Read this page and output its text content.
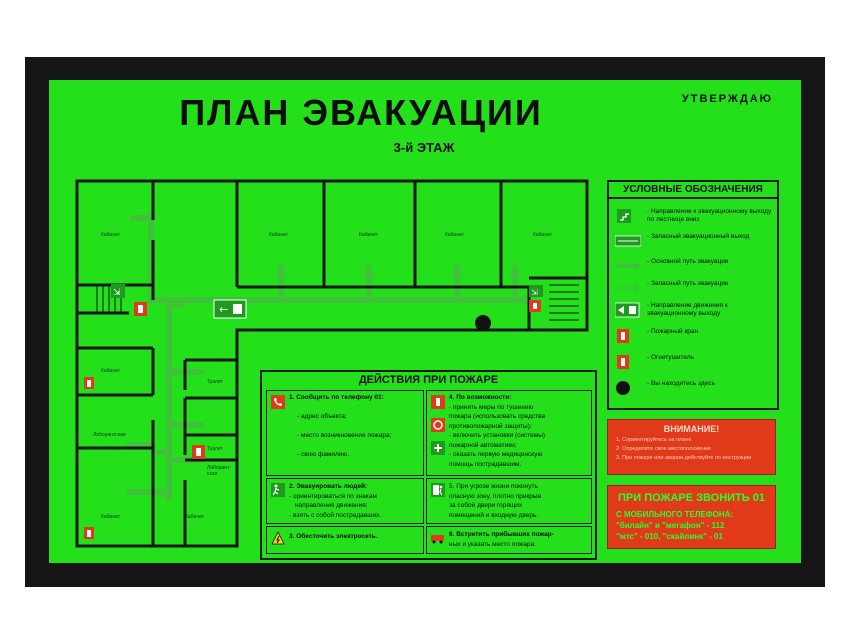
ПЛАН ЭВАКУАЦИИ
3-й ЭТАЖ
УТВЕРЖДАЮ
⇲
←
⇲
Кабинет	Кабинет	Кабинет	Кабинет	Кабинет
Кабинет
Лаборантская
Туалет
Туалет
Лаборант-ская
Кабинет	Кабинет
УСЛОВНЫЕ ОБОЗНАЧЕНИЯ
- Направление к эвакуационному выходу по лестнице вниз
- Запасный эвакуационный выход
- Основной путь эвакуации
- Запасный путь эвакуации
- Направление движения к эвакуационному выходу
- Пожарный кран
- Огнетушитель
- Вы находитесь здесь
ВНИМАНИЕ!
1. Сориентируйтесь на плане
2. Определите свое местоположение
3. При пожаре или аварии действуйте по инструкции
ПРИ ПОЖАРЕ ЗВОНИТЬ 01
С МОБИЛЬНОГО ТЕЛЕФОНА:
"билайн" и "мегафон" - 112
"мтс" - 010, "скайлинк" - 01
ДЕЙСТВИЯ ПРИ ПОЖАРЕ
1. Сообщить по телефону 01:

- адрес объекта;

- место возникновения пожара;

- свою фамилию.
4. По возможности:
- принять меры по тушению
пожара (использовать средства
противопожарной защиты);
- включить установки (системы)
пожарной автоматики;
- оказать первую медицинскую
помощь пострадавшим.
2. Эвакуировать людей:
- ориентироваться по знакам
направления движения;
- взять с собой пострадавших.
5. При угрозе жизни покинуть
опасную зону, плотно прикрыв
за собой двери горящих
помещений и входную дверь.
3. Обесточить электросеть.	6. Встретить прибывших пожар-
ных и указать место пожара.
